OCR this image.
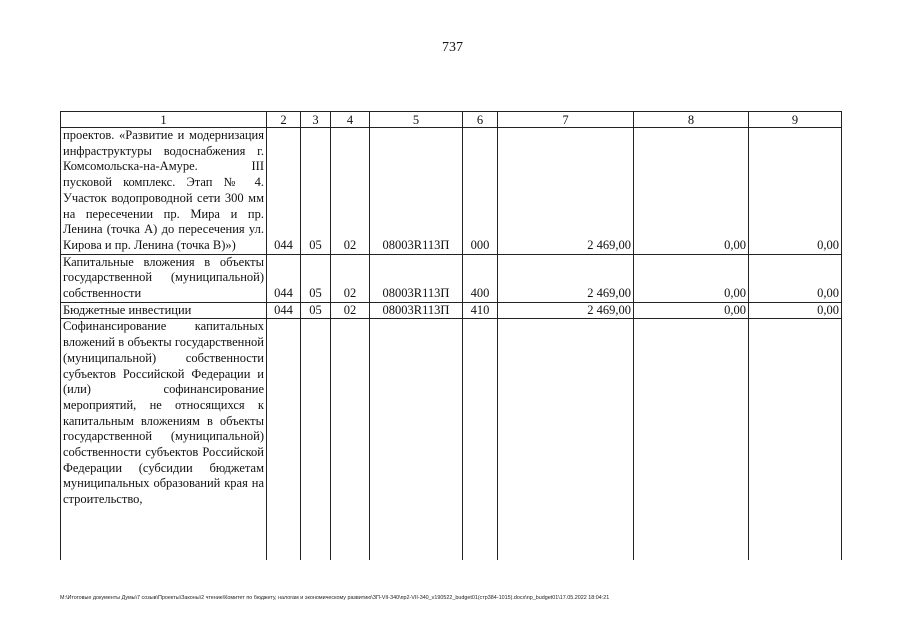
737
1	2	3	4	5	6	7	8	9
проектов. «Развитие и модернизация инфраструктуры водоснабжения г. Комсомольска-на-Амуре. III пусковой комплекс. Этап № 4. Участок водопроводной сети 300 мм на пересечении пр. Мира и пр. Ленина (точка А) до пересечения ул. Кирова и пр. Ленина (точка В)»)	044	05	02	08003R113П	000	2 469,00	0,00	0,00
Капитальные вложения в объекты государственной (муниципальной) собственности	044	05	02	08003R113П	400	2 469,00	0,00	0,00
Бюджетные инвестиции	044	05	02	08003R113П	410	2 469,00	0,00	0,00
Софинансирование капитальных вложений в объекты государственной (муниципальной) собственности субъектов Российской Федерации и (или) софинансирование мероприятий, не относящихся к капитальным вложениям в объекты государственной (муниципальной) собственности субъектов Российской Федерации (субсидии бюджетам муниципальных образований края на строительство,								
M:\Итоговые документы Думы\7 созыв\Проекты\Законы\2 чтение\Комитет по бюджету, налогам и экономическому развитию\ЗП-VII-340\пр2-VII-340_v190522_budget01(стр384-1015).docx\np_budget01\17.05.2022 18:04:21
